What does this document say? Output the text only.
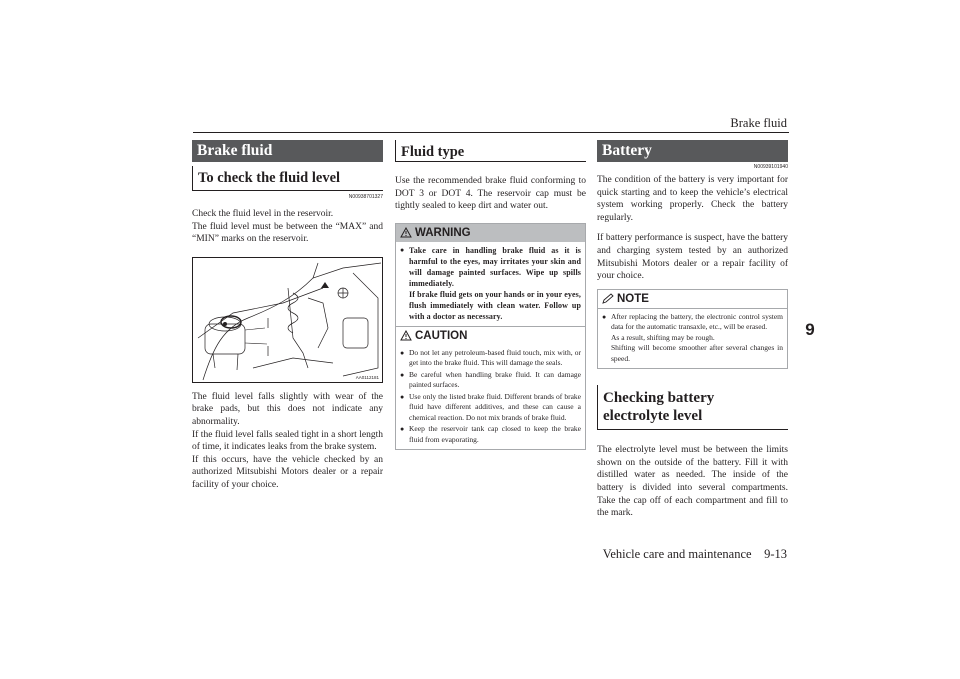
Brake fluid
9
Brake fluid
To check the fluid level
N00938701327

Check the fluid level in the reservoir.
The fluid level must be between the “MAX” and “MIN” marks on the reservoir.

AA0112181

The fluid level falls slightly with wear of the brake pads, but this does not indicate any abnormality.
If the fluid level falls sealed tight in a short length of time, it indicates leaks from the brake system.
If this occurs, have the vehicle checked by an authorized Mitsubishi Motors dealer or a repair facility of your choice.

Fluid type

Use the recommended brake fluid conforming to DOT 3 or DOT 4. The reservoir cap must be tightly sealed to keep dirt and water out.

WARNING
● Take care in handling brake fluid as it is harmful to the eyes, may irritates your skin and will damage painted surfaces. Wipe up spills immediately.
If brake fluid gets on your hands or in your eyes, flush immediately with clean water. Follow up with a doctor as necessary.
CAUTION
● Do not let any petroleum-based fluid touch, mix with, or get into the brake fluid. This will damage the seals.
● Be careful when handling brake fluid. It can damage painted surfaces.
● Use only the listed brake fluid. Different brands of brake fluid have different additives, and these can cause a chemical reaction. Do not mix brands of brake fluid.
● Keep the reservoir tank cap closed to keep the brake fluid from evaporating.
Battery
N00939101940

The condition of the battery is very important for quick starting and to keep the vehicle’s electrical system working properly. Check the battery regularly.

If battery performance is suspect, have the battery and charging system tested by an authorized Mitsubishi Motors dealer or a repair facility of your choice.

NOTE
● After replacing the battery, the electronic control system data for the automatic transaxle, etc., will be erased.
As a result, shifting may be rough.
Shifting will become smoother after several changes in speed.
Checking battery electrolyte level

The electrolyte level must be between the limits shown on the outside of the battery. Fill it with distilled water as needed. The inside of the battery is divided into several compartments. Take the cap off of each compartment and fill to the mark.

Vehicle care and maintenance 9-13
